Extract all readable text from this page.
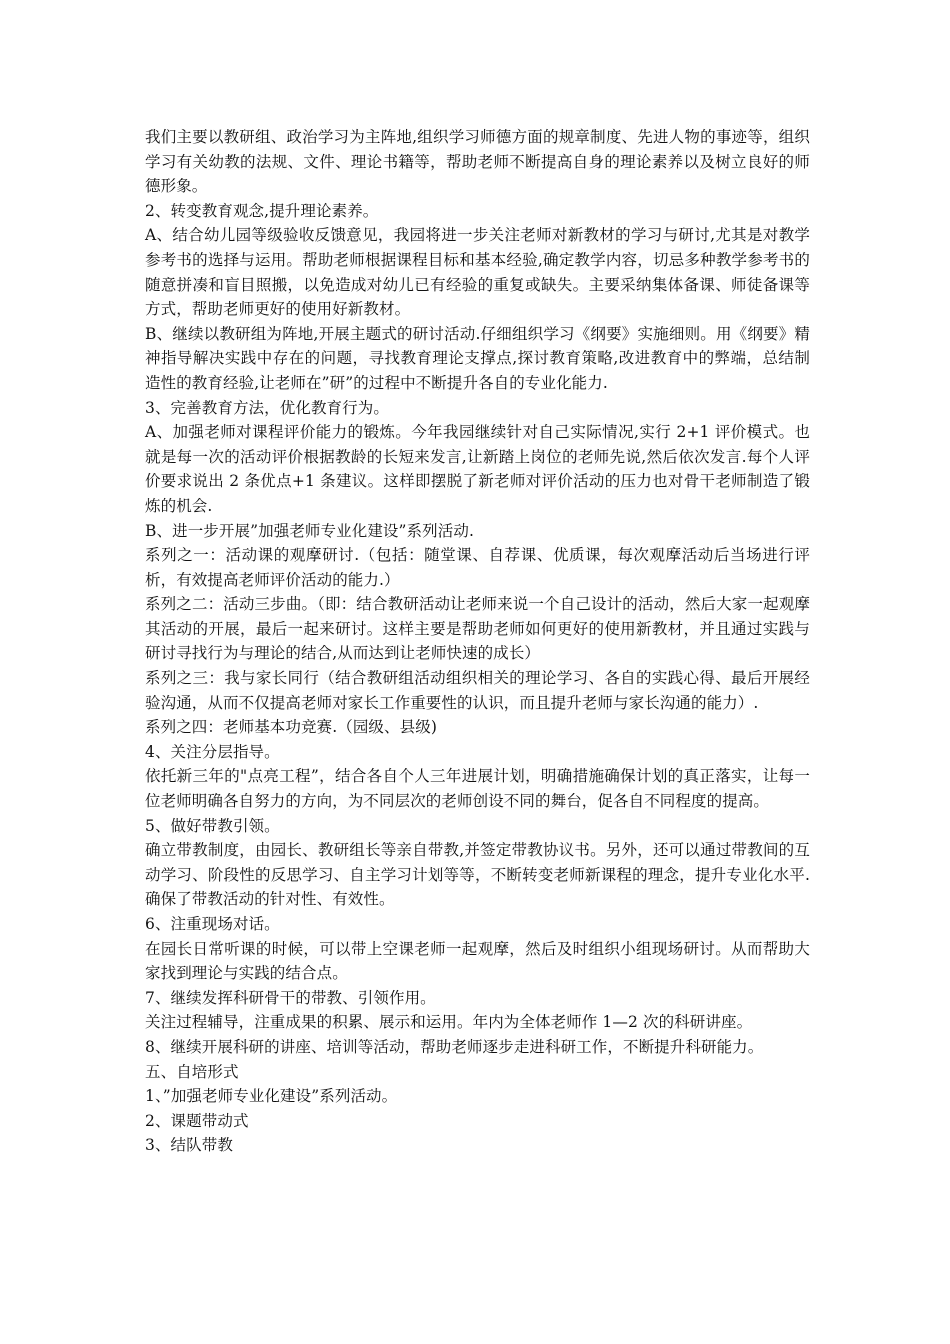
我们主要以教研组、政治学习为主阵地,组织学习师德方面的规章制度、先进人物的事迹等，组织学习有关幼教的法规、文件、理论书籍等，帮助老师不断提高自身的理论素养以及树立良好的师德形象。

2、转变教育观念,提升理论素养。

A、结合幼儿园等级验收反馈意见，我园将进一步关注老师对新教材的学习与研讨,尤其是对教学参考书的选择与运用。帮助老师根据课程目标和基本经验,确定教学内容，切忌多种教学参考书的随意拼凑和盲目照搬，以免造成对幼儿已有经验的重复或缺失。主要采纳集体备课、师徒备课等方式，帮助老师更好的使用好新教材。

B、继续以教研组为阵地,开展主题式的研讨活动.仔细组织学习《纲要》实施细则。用《纲要》精神指导解决实践中存在的问题，寻找教育理论支撑点,探讨教育策略,改进教育中的弊端，总结制造性的教育经验,让老师在”研”的过程中不断提升各自的专业化能力.

3、完善教育方法，优化教育行为。

A、加强老师对课程评价能力的锻炼。今年我园继续针对自己实际情况,实行 2+1 评价模式。也就是每一次的活动评价根据教龄的长短来发言,让新踏上岗位的老师先说,然后依次发言.每个人评价要求说出 2 条优点+1 条建议。这样即摆脱了新老师对评价活动的压力也对骨干老师制造了锻炼的机会.

B、进一步开展”加强老师专业化建设”系列活动.

系列之一：活动课的观摩研讨.（包括：随堂课、自荐课、优质课，每次观摩活动后当场进行评析，有效提高老师评价活动的能力.）

系列之二：活动三步曲。（即：结合教研活动让老师来说一个自己设计的活动，然后大家一起观摩其活动的开展，最后一起来研讨。这样主要是帮助老师如何更好的使用新教材，并且通过实践与研讨寻找行为与理论的结合,从而达到让老师快速的成长）

系列之三：我与家长同行（结合教研组活动组织相关的理论学习、各自的实践心得、最后开展经验沟通，从而不仅提高老师对家长工作重要性的认识，而且提升老师与家长沟通的能力）.

系列之四：老师基本功竞赛.（园级、县级)

4、关注分层指导。

依托新三年的"点亮工程”，结合各自个人三年进展计划，明确措施确保计划的真正落实，让每一位老师明确各自努力的方向，为不同层次的老师创设不同的舞台，促各自不同程度的提高。

5、做好带教引领。

确立带教制度，由园长、教研组长等亲自带教,并签定带教协议书。另外，还可以通过带教间的互动学习、阶段性的反思学习、自主学习计划等等，不断转变老师新课程的理念，提升专业化水平.确保了带教活动的针对性、有效性。

6、注重现场对话。

在园长日常听课的时候，可以带上空课老师一起观摩，然后及时组织小组现场研讨。从而帮助大家找到理论与实践的结合点。

7、继续发挥科研骨干的带教、引领作用。

关注过程辅导，注重成果的积累、展示和运用。年内为全体老师作 1—2 次的科研讲座。

8、继续开展科研的讲座、培训等活动，帮助老师逐步走进科研工作，不断提升科研能力。

五、自培形式

1、”加强老师专业化建设”系列活动。

2、课题带动式

3、结队带教
